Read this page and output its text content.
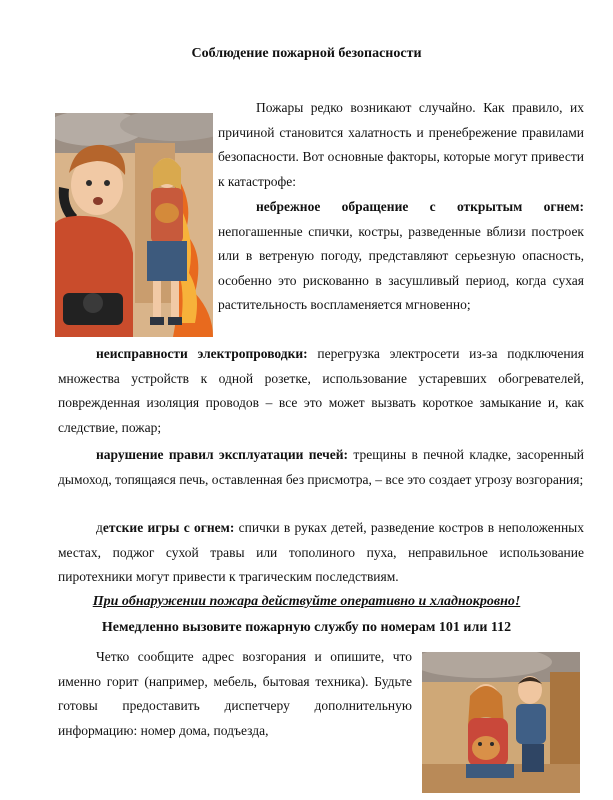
Соблюдение пожарной безопасности

Пожары редко возникают случайно. Как правило, их причиной становится халатность и пренебрежение правилами безопасности. Вот основные факторы, которые могут привести к катастрофе:

небрежное обращение с открытым огнем: непогашенные спички, костры, разведенные вблизи построек или в ветреную погоду, представляют серьезную опасность, особенно это рискованно в засушливый период, когда сухая растительность воспламеняется мгновенно;

неисправности электропроводки: перегрузка электросети из-за подключения множества устройств к одной розетке, использование устаревших обогревателей, поврежденная изоляция проводов – все это может вызвать короткое замыкание и, как следствие, пожар;

нарушение правил эксплуатации печей: трещины в печной кладке, засоренный дымоход, топящаяся печь, оставленная без присмотра, – все это создает угрозу возгорания;

детские игры с огнем: спички в руках детей, разведение костров в неположенных местах, поджог сухой травы или тополиного пуха, неправильное использование пиротехники могут привести к трагическим последствиям.

При обнаружении пожара действуйте оперативно и хладнокровно!
Немедленно вызовите пожарную службу по номерам 101 или 112

Четко сообщите адрес возгорания и опишите, что именно горит (например, мебель, бытовая техника). Будьте готовы предоставить диспетчеру дополнительную информацию: номер дома, подъезда,
